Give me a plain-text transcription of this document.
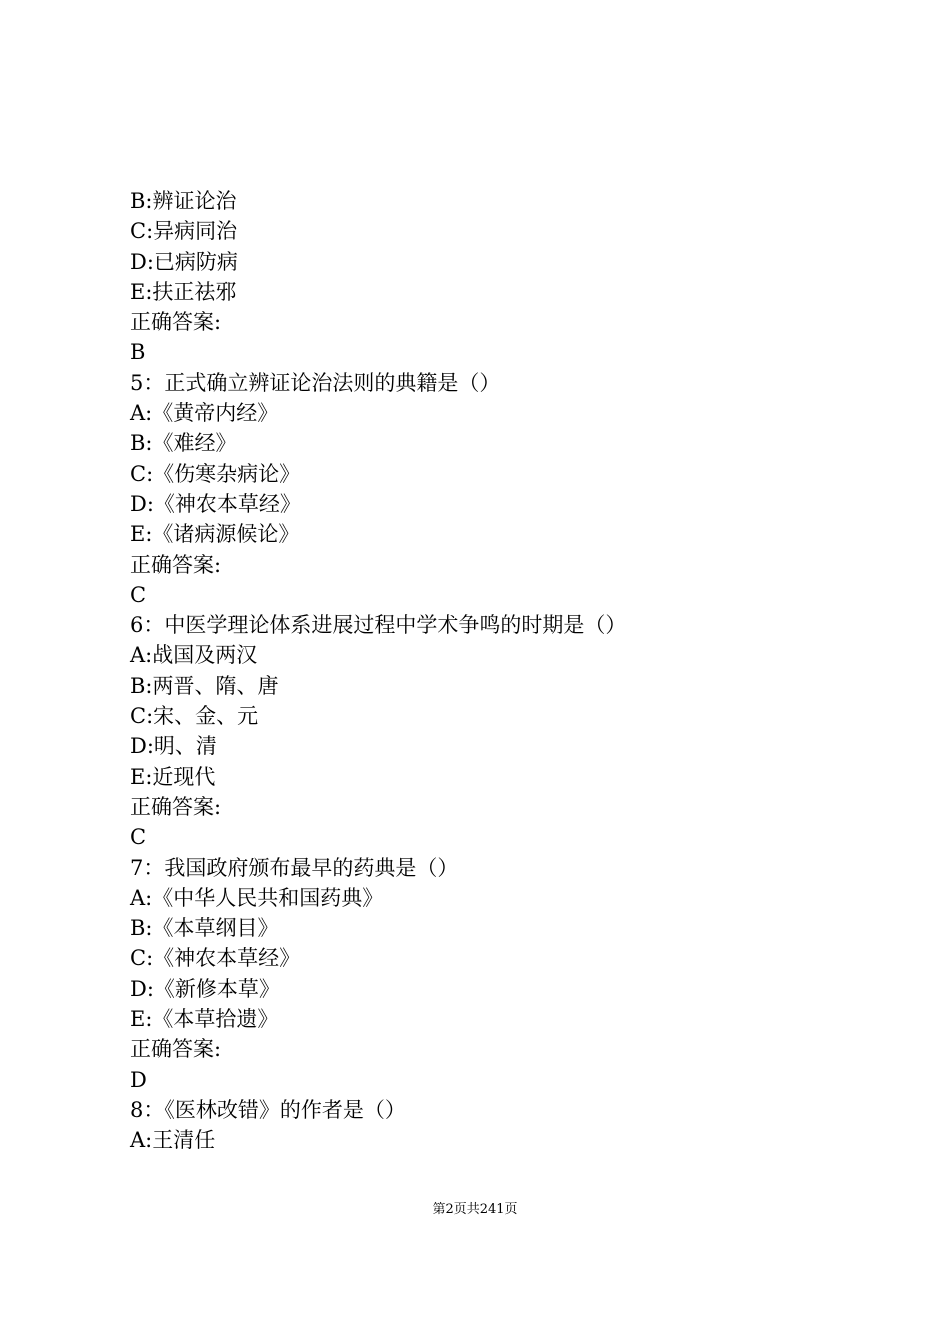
B:辨证论治
C:异病同治
D:已病防病
E:扶正祛邪
正确答案:
B
5：正式确立辨证论治法则的典籍是（）
A:《黄帝内经》
B:《难经》
C:《伤寒杂病论》
D:《神农本草经》
E:《诸病源候论》
正确答案:
C
6：中医学理论体系进展过程中学术争鸣的时期是（）
A:战国及两汉
B:两晋、隋、唐
C:宋、金、元
D:明、清
E:近现代
正确答案:
C
7：我国政府颁布最早的药典是（）
A:《中华人民共和国药典》
B:《本草纲目》
C:《神农本草经》
D:《新修本草》
E:《本草拾遗》
正确答案:
D
8：《医林改错》的作者是（）
A:王清任
第2页共241页
